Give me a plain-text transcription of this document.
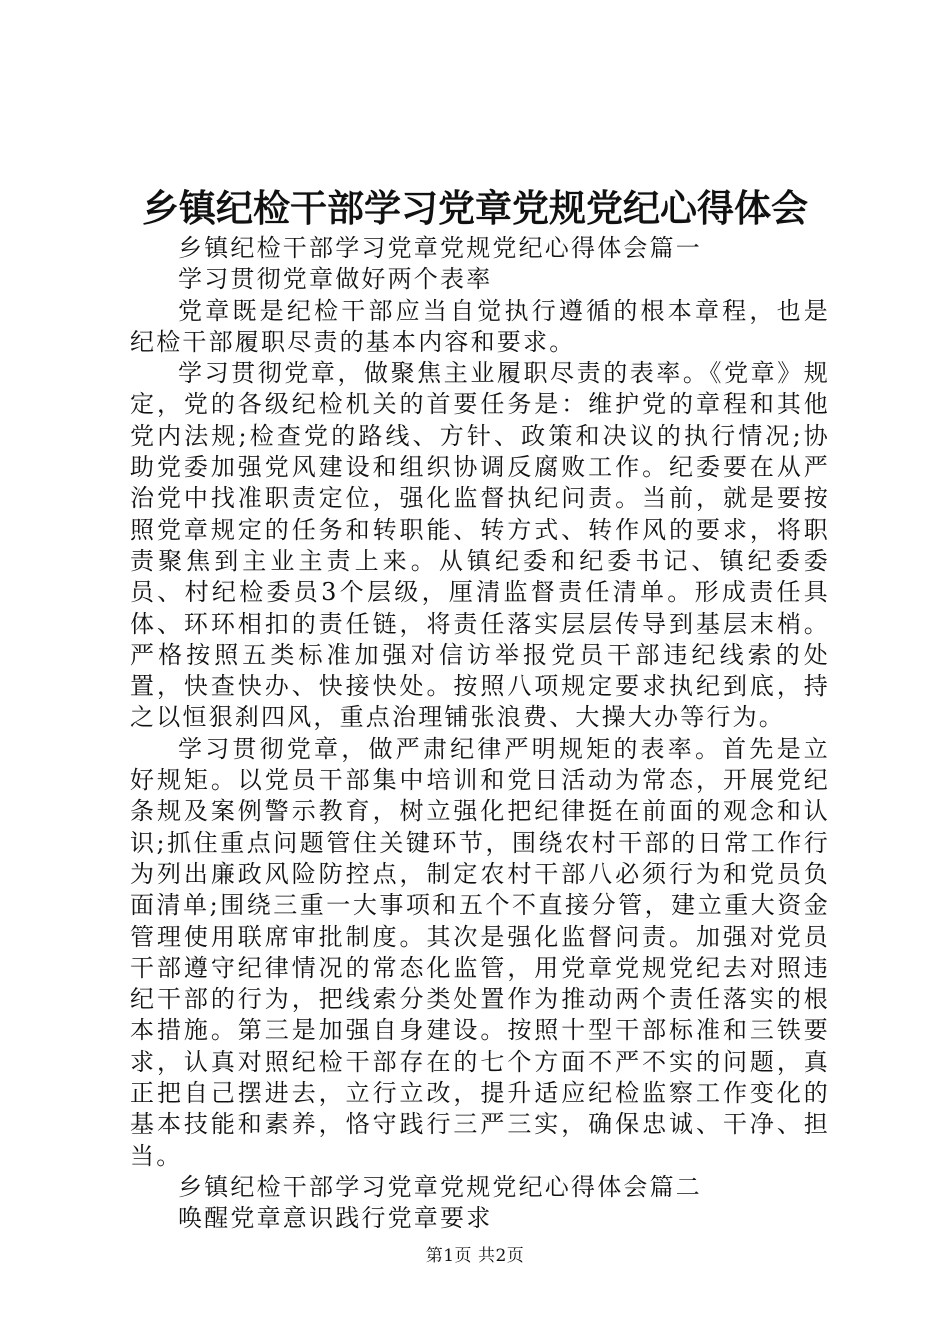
乡镇纪检干部学习党章党规党纪心得体会

乡镇纪检干部学习党章党规党纪心得体会篇一

学习贯彻党章做好两个表率

党章既是纪检干部应当自觉执行遵循的根本章程，也是纪检干部履职尽责的基本内容和要求。

学习贯彻党章，做聚焦主业履职尽责的表率。《党章》规定，党的各级纪检机关的首要任务是：维护党的章程和其他党内法规;检查党的路线、方针、政策和决议的执行情况;协助党委加强党风建设和组织协调反腐败工作。纪委要在从严治党中找准职责定位，强化监督执纪问责。当前，就是要按照党章规定的任务和转职能、转方式、转作风的要求，将职责聚焦到主业主责上来。从镇纪委和纪委书记、镇纪委委员、村纪检委员3个层级，厘清监督责任清单。形成责任具体、环环相扣的责任链，将责任落实层层传导到基层末梢。严格按照五类标准加强对信访举报党员干部违纪线索的处置，快查快办、快接快处。按照八项规定要求执纪到底，持之以恒狠刹四风，重点治理铺张浪费、大操大办等行为。

学习贯彻党章，做严肃纪律严明规矩的表率。首先是立好规矩。以党员干部集中培训和党日活动为常态，开展党纪条规及案例警示教育，树立强化把纪律挺在前面的观念和认识;抓住重点问题管住关键环节，围绕农村干部的日常工作行为列出廉政风险防控点，制定农村干部八必须行为和党员负面清单;围绕三重一大事项和五个不直接分管，建立重大资金管理使用联席审批制度。其次是强化监督问责。加强对党员干部遵守纪律情况的常态化监管，用党章党规党纪去对照违纪干部的行为，把线索分类处置作为推动两个责任落实的根本措施。第三是加强自身建设。按照十型干部标准和三铁要求，认真对照纪检干部存在的七个方面不严不实的问题，真正把自己摆进去，立行立改，提升适应纪检监察工作变化的基本技能和素养，恪守践行三严三实，确保忠诚、干净、担当。

乡镇纪检干部学习党章党规党纪心得体会篇二

唤醒党章意识践行党章要求

第1页 共2页
